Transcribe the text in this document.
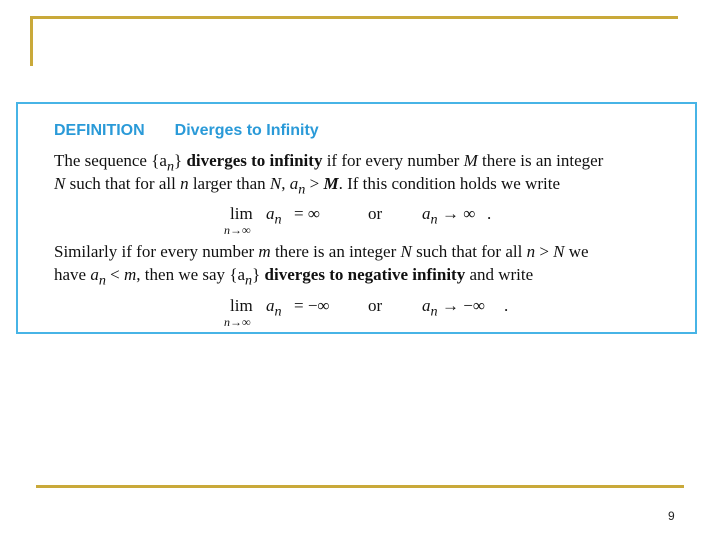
DEFINITION Diverges to Infinity
The sequence $\{a_n\}$ diverges to infinity if for every number M there is an integer
N such that for all n larger than N, $a_n > M$. If this condition holds we write
lim
n→∞
$a_n$ = ∞	or $a_n$ → ∞ .
Similarly if for every number m there is an integer N such that for all n > N we
have $a_n < m$, then we say $\{a_n\}$ diverges to negative infinity and write
lim
n→∞
$a_n$ = −∞ or $a_n$ → −∞ .
9
